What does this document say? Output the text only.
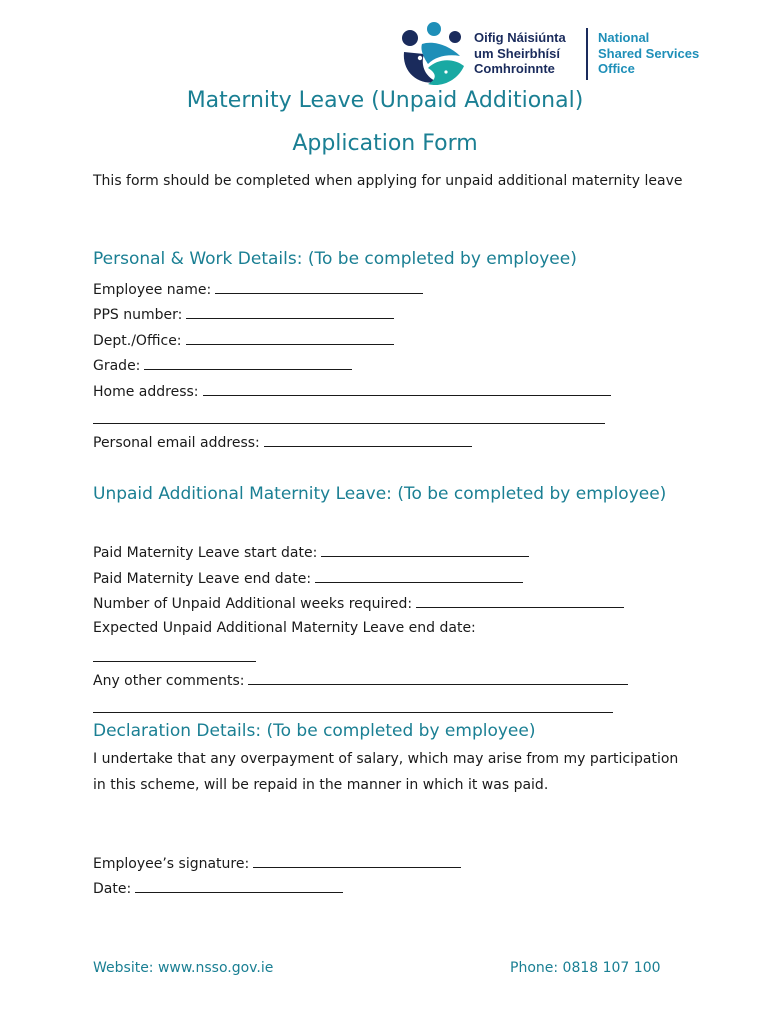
Oifig Náisiúnta
um Sheirbhísí
Comhroinnte
National
Shared Services
Office
Maternity Leave (Unpaid Additional)
Application Form

This form should be completed when applying for unpaid additional maternity leave

Personal & Work Details: (To be completed by employee)
Employee name:
PPS number:
Dept./Office:
Grade:
Home address:
Personal email address:
Unpaid Additional Maternity Leave: (To be completed by employee)
Paid Maternity Leave start date:
Paid Maternity Leave end date:
Number of Unpaid Additional weeks required:
Expected Unpaid Additional Maternity Leave end date:
Any other comments:
Declaration Details: (To be completed by employee)

I undertake that any overpayment of salary, which may arise from my participation in this scheme, will be repaid in the manner in which it was paid.

Employee’s signature:
Date:
Website: www.nsso.gov.ie	Phone: 0818 107 100
